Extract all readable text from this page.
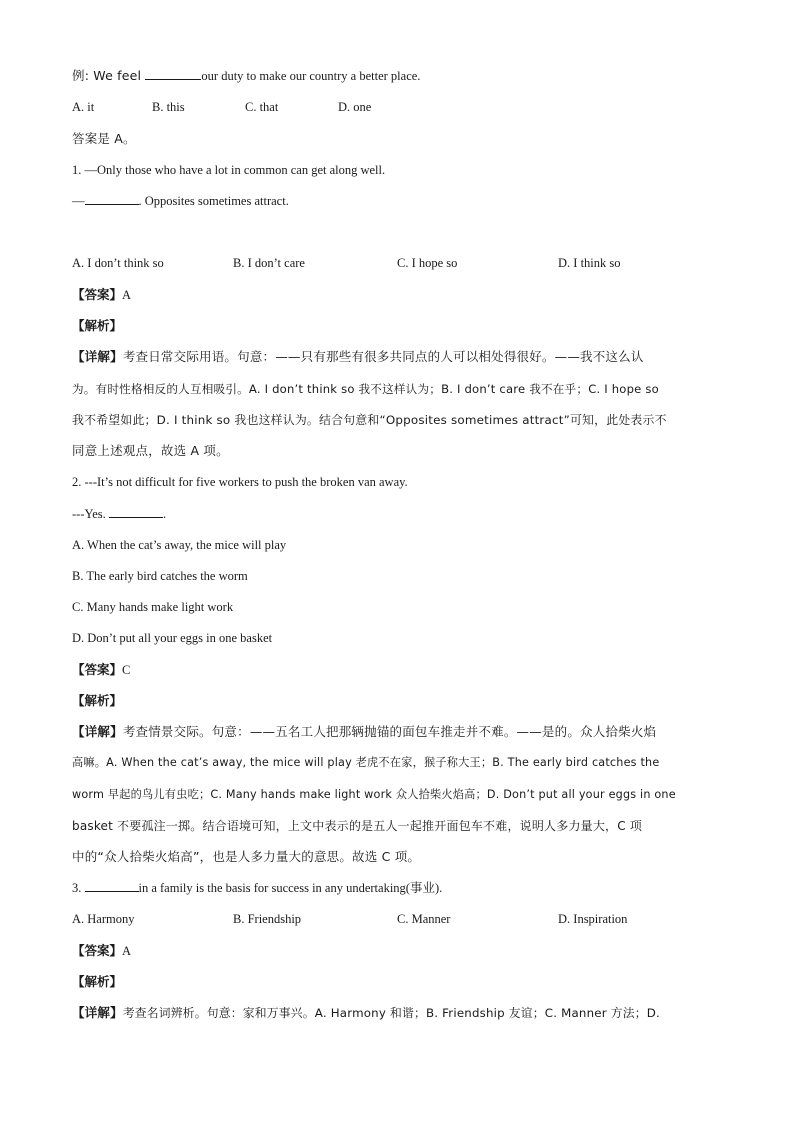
例: We feel	our duty to make our country a better place.
A. it	B. this	C. that	D. one
答案是 A。
1. —Only those who have a lot in common can get along well.
—	. Opposites sometimes attract.
A. I don’t think so	B. I don’t care	C. I hope so	D. I think so
【答案】A
【解析】
【详解】考查日常交际用语。句意：——只有那些有很多共同点的人可以相处得很好。——我不这么认
为。有时性格相反的人互相吸引。A. I don’t think so 我不这样认为；B. I don’t care 我不在乎；C. I hope so
我不希望如此；D. I think so 我也这样认为。结合句意和“Opposites sometimes attract”可知，此处表示不
同意上述观点，故选 A 项。
2. ---It’s not difficult for five workers to push the broken van away.
---Yes.	.
A. When the cat’s away, the mice will play
B. The early bird catches the worm
C. Many hands make light work
D. Don’t put all your eggs in one basket
【答案】C
【解析】
【详解】考查情景交际。句意：——五名工人把那辆抛锚的面包车推走并不难。——是的。众人拾柴火焰
高嘛。A. When the cat’s away, the mice will play 老虎不在家，猴子称大王；B. The early bird catches the
worm 早起的鸟儿有虫吃；C. Many hands make light work 众人拾柴火焰高；D. Don’t put all your eggs in one
basket 不要孤注一掷。结合语境可知，上文中表示的是五人一起推开面包车不难，说明人多力量大，C 项
中的“众人拾柴火焰高”，也是人多力量大的意思。故选 C 项。
3.	in a family is the basis for success in any undertaking(事业).
A. Harmony	B. Friendship	C. Manner	D. Inspiration
【答案】A
【解析】
【详解】考查名词辨析。句意：家和万事兴。A. Harmony 和谐；B. Friendship 友谊；C. Manner 方法；D.
